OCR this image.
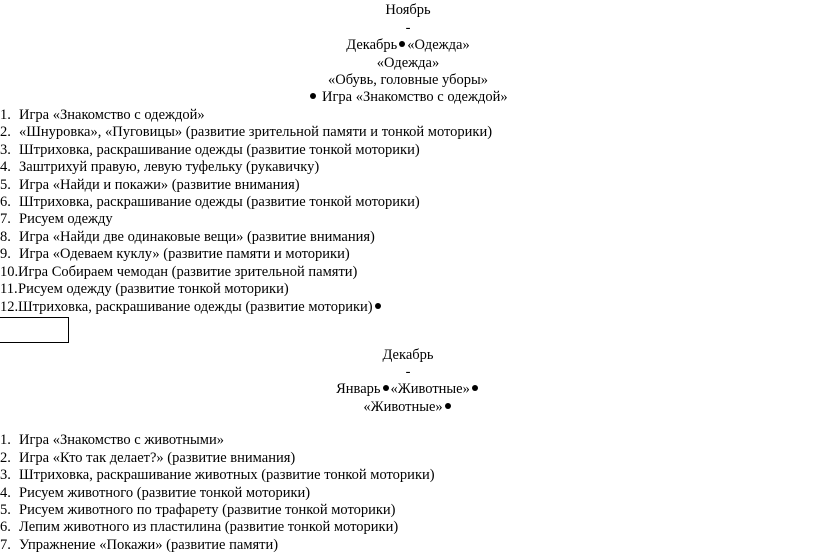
Ноябрь
-
Декабрь «Одежда»
«Одежда»
«Обувь, головные уборы»
Игра «Знакомство с одеждой»
1. Игра «Знакомство с одеждой»
2. «Шнуровка», «Пуговицы» (развитие зрительной памяти и тонкой моторики)
3. Штриховка, раскрашивание одежды (развитие тонкой моторики)
4. Заштрихуй правую, левую туфельку (рукавичку)
5. Игра «Найди и покажи» (развитие внимания)
6. Штриховка, раскрашивание одежды (развитие тонкой моторики)
7. Рисуем одежду
8. Игра «Найди две одинаковые вещи» (развитие внимания)
9. Игра «Одеваем куклу» (развитие памяти и моторики)
10.Игра Собираем чемодан (развитие зрительной памяти)
11.Рисуем одежду (развитие тонкой моторики)
12.Штриховка, раскрашивание одежды (развитие моторики)
Декабрь
-
Январь «Животные»
«Животные»
1. Игра «Знакомство с животными»
2. Игра «Кто так делает?» (развитие внимания)
3. Штриховка, раскрашивание животных (развитие тонкой моторики)
4. Рисуем животного (развитие тонкой моторики)
5. Рисуем животного по трафарету (развитие тонкой моторики)
6. Лепим животного из пластилина (развитие тонкой моторики)
7. Упражнение «Покажи» (развитие памяти)
